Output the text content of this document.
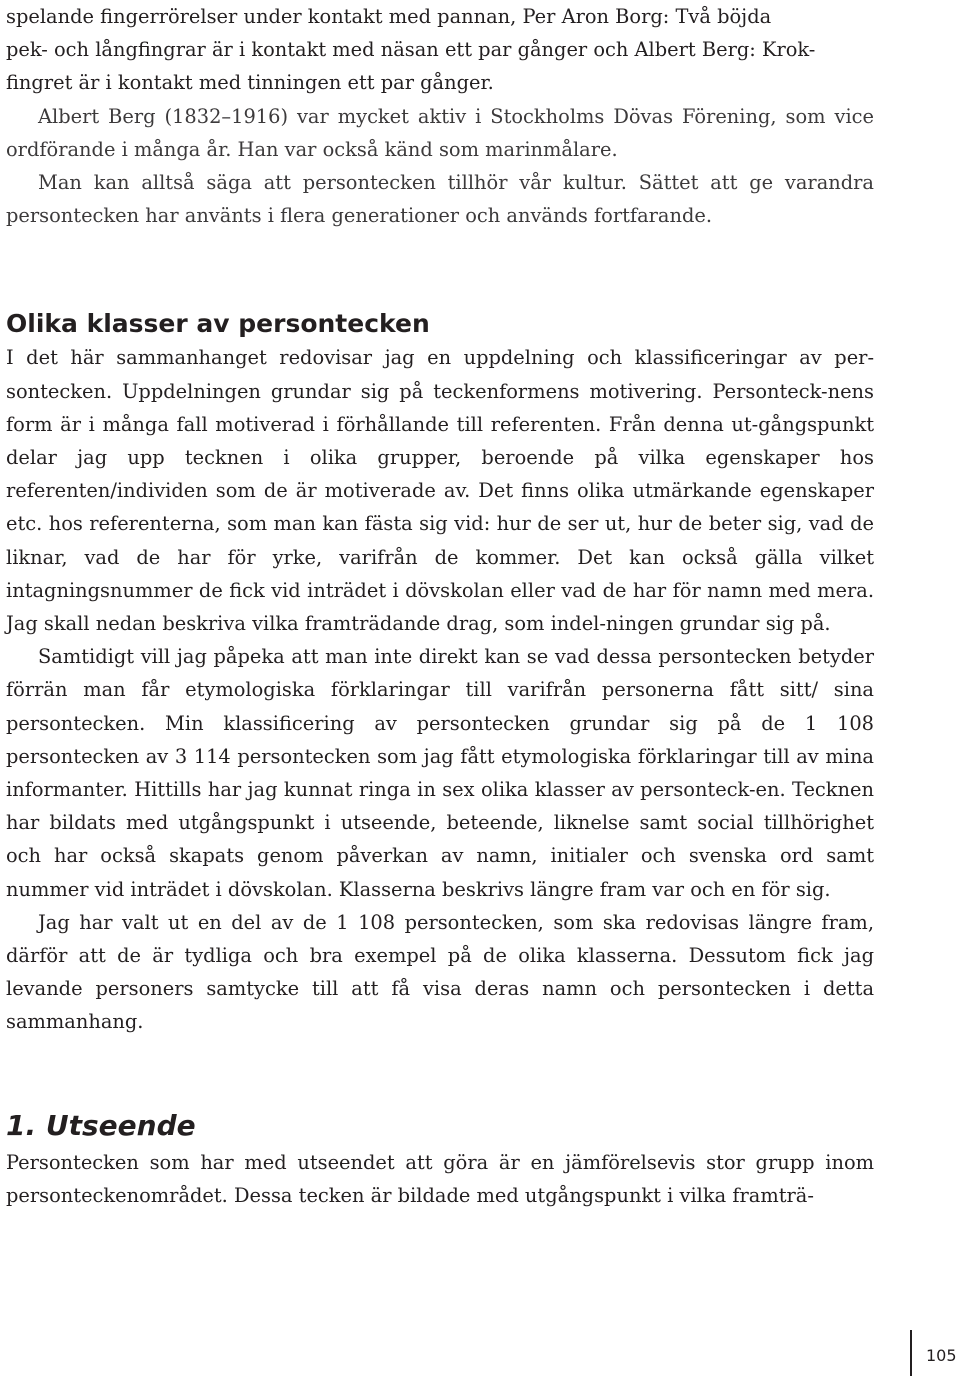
spelande fingerrörelser under kontakt med pannan, Per Aron Borg: Två böjda
pek- och långfingrar är i kontakt med näsan ett par gånger och Albert Berg: Krok-
fingret är i kontakt med tinningen ett par gånger.

Albert Berg (1832–1916) var mycket aktiv i Stockholms Dövas Förening, som vice ordförande i många år. Han var också känd som marinmålare.

Man kan alltså säga att persontecken tillhör vår kultur. Sättet att ge varandra persontecken har använts i flera generationer och används fortfarande.

Olika klasser av persontecken

I det här sammanhanget redovisar jag en uppdelning och klassificeringar av per-sontecken. Uppdelningen grundar sig på teckenformens motivering. Personteck-nens form är i många fall motiverad i förhållande till referenten. Från denna ut-gångspunkt delar jag upp tecknen i olika grupper, beroende på vilka egenskaper hos referenten/individen som de är motiverade av. Det finns olika utmärkande egenskaper etc. hos referenterna, som man kan fästa sig vid: hur de ser ut, hur de beter sig, vad de liknar, vad de har för yrke, varifrån de kommer. Det kan också gälla vilket intagningsnummer de fick vid inträdet i dövskolan eller vad de har för namn med mera. Jag skall nedan beskriva vilka framträdande drag, som indel-ningen grundar sig på.

Samtidigt vill jag påpeka att man inte direkt kan se vad dessa persontecken betyder förrän man får etymologiska förklaringar till varifrån personerna fått sitt/ sina persontecken. Min klassificering av persontecken grundar sig på de 1 108 persontecken av 3 114 persontecken som jag fått etymologiska förklaringar till av mina informanter. Hittills har jag kunnat ringa in sex olika klasser av personteck-en. Tecknen har bildats med utgångspunkt i utseende, beteende, liknelse samt social tillhörighet och har också skapats genom påverkan av namn, initialer och svenska ord samt nummer vid inträdet i dövskolan. Klasserna beskrivs längre fram var och en för sig.

Jag har valt ut en del av de 1 108 persontecken, som ska redovisas längre fram, därför att de är tydliga och bra exempel på de olika klasserna. Dessutom fick jag levande personers samtycke till att få visa deras namn och persontecken i detta sammanhang.

1. Utseende

Persontecken som har med utseendet att göra är en jämförelsevis stor grupp inom personteckenområdet. Dessa tecken är bildade med utgångspunkt i vilka framträ-

105
